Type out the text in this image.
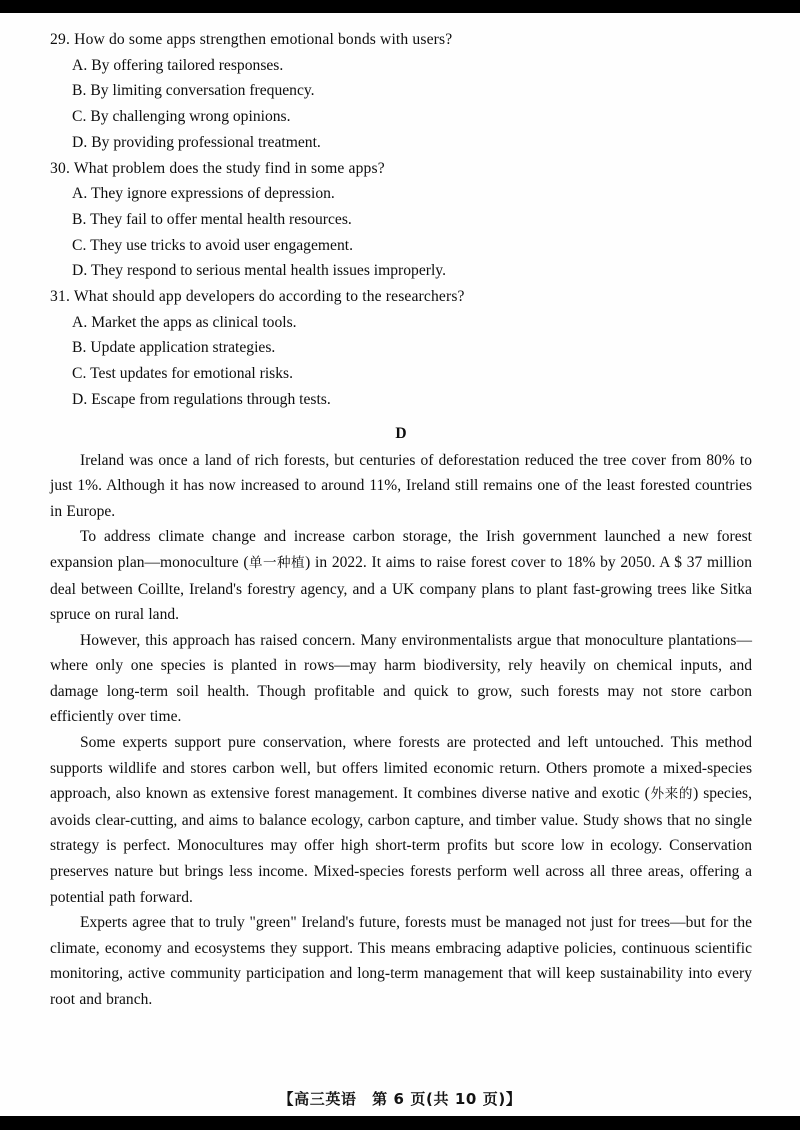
29. How do some apps strengthen emotional bonds with users?
A. By offering tailored responses.
B. By limiting conversation frequency.
C. By challenging wrong opinions.
D. By providing professional treatment.
30. What problem does the study find in some apps?
A. They ignore expressions of depression.
B. They fail to offer mental health resources.
C. They use tricks to avoid user engagement.
D. They respond to serious mental health issues improperly.
31. What should app developers do according to the researchers?
A. Market the apps as clinical tools.
B. Update application strategies.
C. Test updates for emotional risks.
D. Escape from regulations through tests.
D

Ireland was once a land of rich forests, but centuries of deforestation reduced the tree cover from 80% to just 1%. Although it has now increased to around 11%, Ireland still remains one of the least forested countries in Europe.

To address climate change and increase carbon storage, the Irish government launched a new forest expansion plan—monoculture (单一种植) in 2022. It aims to raise forest cover to 18% by 2050. A $ 37 million deal between Coillte, Ireland's forestry agency, and a UK company plans to plant fast-growing trees like Sitka spruce on rural land.

However, this approach has raised concern. Many environmentalists argue that monoculture plantations—where only one species is planted in rows—may harm biodiversity, rely heavily on chemical inputs, and damage long-term soil health. Though profitable and quick to grow, such forests may not store carbon efficiently over time.

Some experts support pure conservation, where forests are protected and left untouched. This method supports wildlife and stores carbon well, but offers limited economic return. Others promote a mixed-species approach, also known as extensive forest management. It combines diverse native and exotic (外来的) species, avoids clear-cutting, and aims to balance ecology, carbon capture, and timber value. Study shows that no single strategy is perfect. Monocultures may offer high short-term profits but score low in ecology. Conservation preserves nature but brings less income. Mixed-species forests perform well across all three areas, offering a potential path forward.

Experts agree that to truly "green" Ireland's future, forests must be managed not just for trees—but for the climate, economy and ecosystems they support. This means embracing adaptive policies, continuous scientific monitoring, active community participation and long-term management that will keep sustainability into every root and branch.

【高三英语　第 6 页(共 10 页)】
